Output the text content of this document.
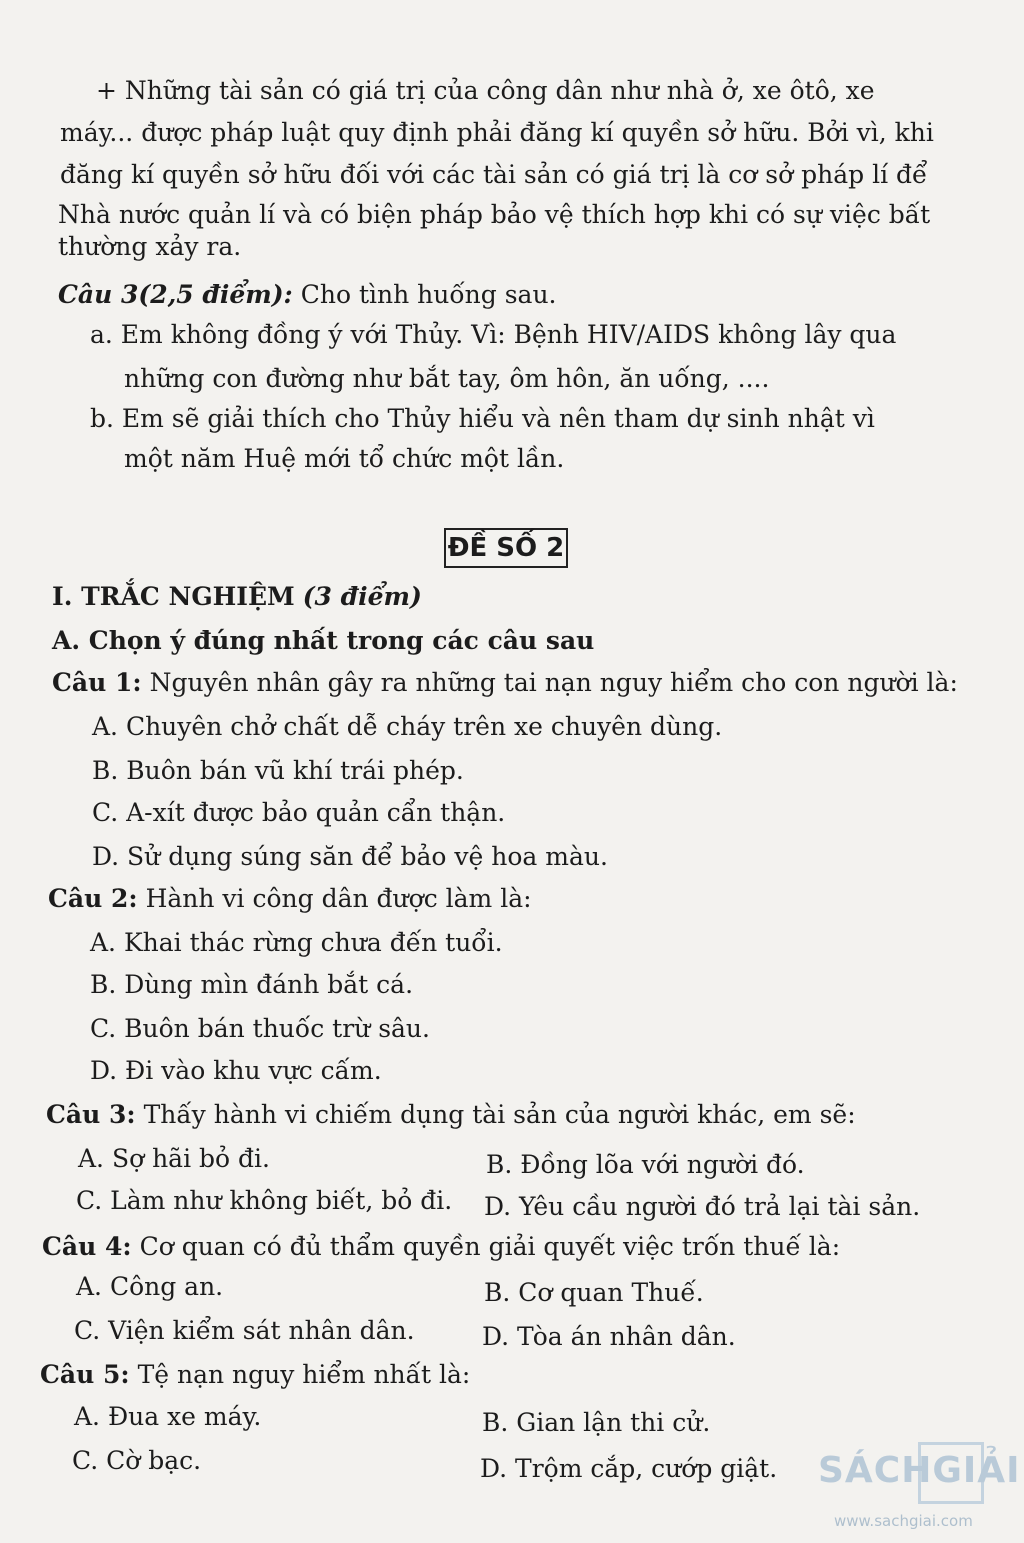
+ Những tài sản có giá trị của công dân như nhà ở, xe ôtô, xe
máy... được pháp luật quy định phải đăng kí quyền sở hữu. Bởi vì, khi
đăng kí quyền sở hữu đối với các tài sản có giá trị là cơ sở pháp lí để
Nhà nước quản lí và có biện pháp bảo vệ thích hợp khi có sự việc bất
thường xảy ra.
Câu 3(2,5 điểm): Cho tình huống sau.
a. Em không đồng ý với Thủy. Vì: Bệnh HIV/AIDS không lây qua
những con đường như bắt tay, ôm hôn, ăn uống, ....
b. Em sẽ giải thích cho Thủy hiểu và nên tham dự sinh nhật vì
một năm Huệ mới tổ chức một lần.
ĐỀ SỐ 2
I. TRẮC NGHIỆM (3 điểm)
A. Chọn ý đúng nhất trong các câu sau
Câu 1: Nguyên nhân gây ra những tai nạn nguy hiểm cho con người là:
A. Chuyên chở chất dễ cháy trên xe chuyên dùng.
B. Buôn bán vũ khí trái phép.
C. A-xít được bảo quản cẩn thận.
D. Sử dụng súng săn để bảo vệ hoa màu.
Câu 2: Hành vi công dân được làm là:
A. Khai thác rừng chưa đến tuổi.
B. Dùng mìn đánh bắt cá.
C. Buôn bán thuốc trừ sâu.
D. Đi vào khu vực cấm.
Câu 3: Thấy hành vi chiếm dụng tài sản của người khác, em sẽ:
A. Sợ hãi bỏ đi.	B. Đồng lõa với người đó.
C. Làm như không biết, bỏ đi. D. Yêu cầu người đó trả lại tài sản.
Câu 4: Cơ quan có đủ thẩm quyền giải quyết việc trốn thuế là:
A. Công an.	B. Cơ quan Thuế.
C. Viện kiểm sát nhân dân.	D. Tòa án nhân dân.
Câu 5: Tệ nạn nguy hiểm nhất là:
A. Đua xe máy.	B. Gian lận thi cử.
C. Cờ bạc.	D. Trộm cắp, cướp giật. SÁCHGIẢI
www.sachgiai.com
